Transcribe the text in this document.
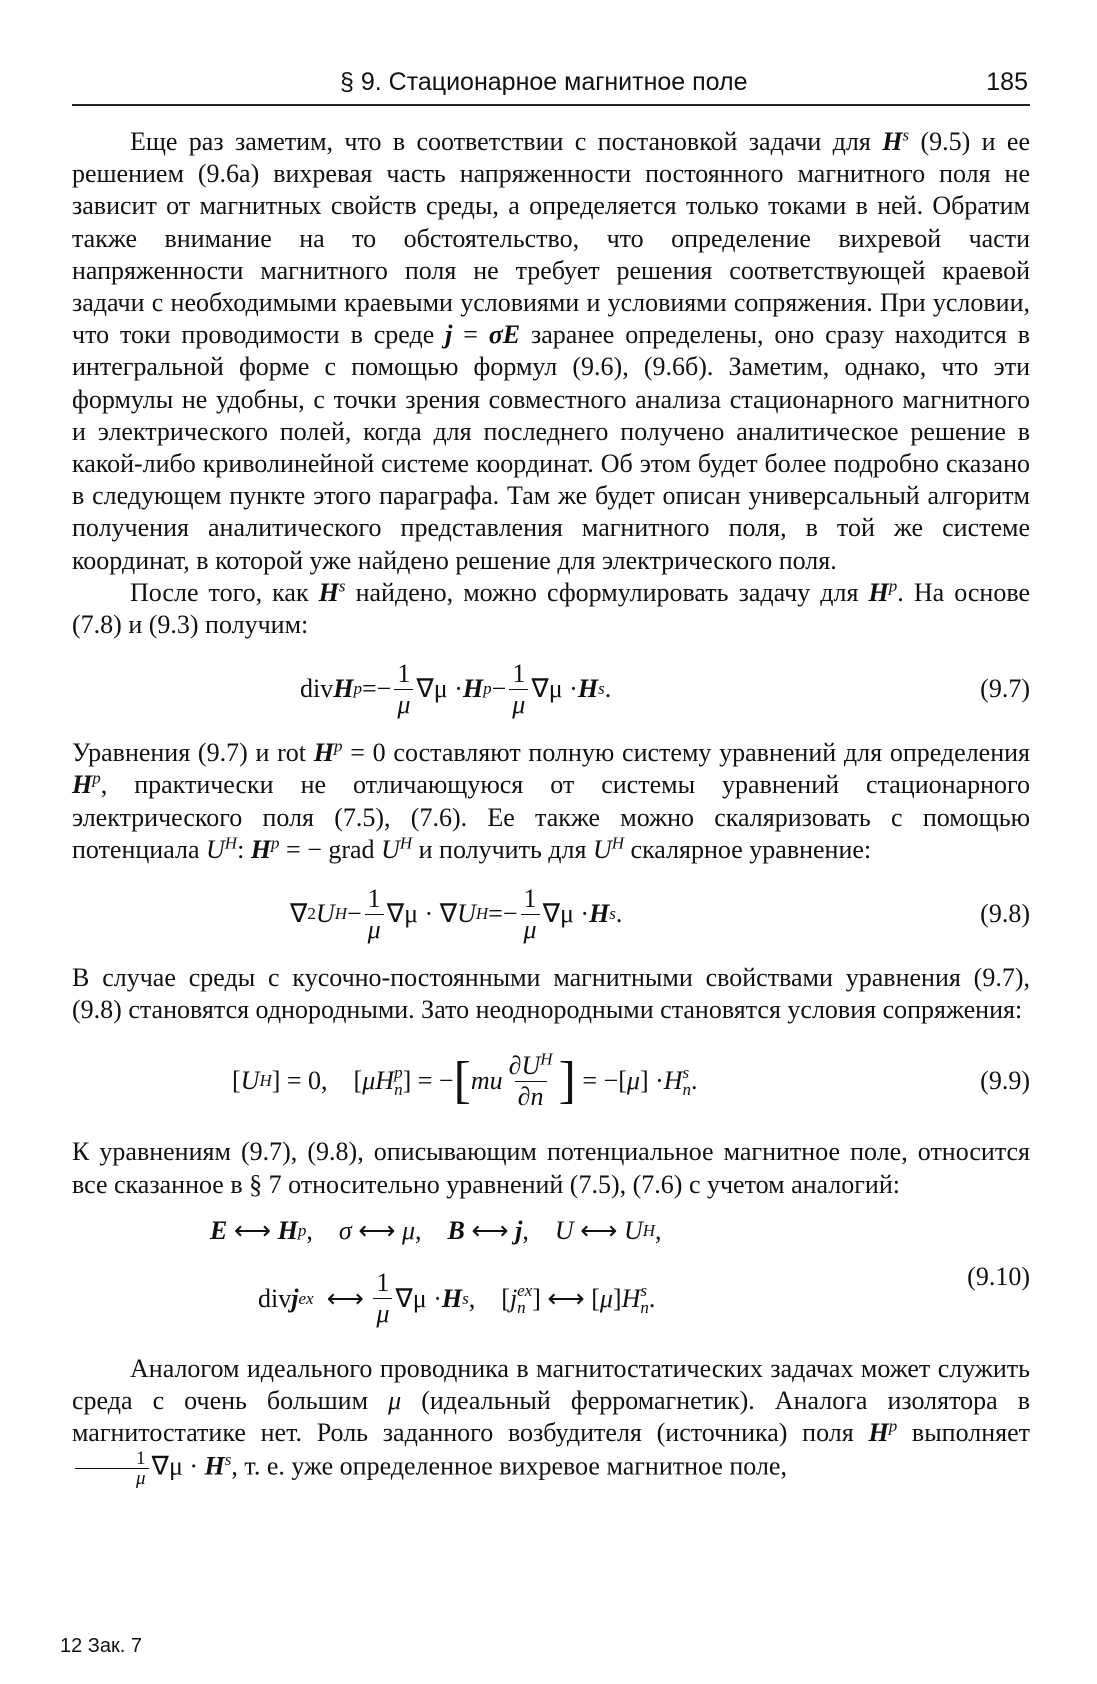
§ 9. Стационарное магнитное поле	185

Еще раз заметим, что в соответствии с постановкой задачи для $H^s$ (9.5) и ее решением (9.6а) вихревая часть напряженности постоянного магнитного поля не зависит от магнитных свойств среды, а определяется только токами в ней. Обратим также внимание на то обстоятельство, что определение вихревой части напряженности магнитного поля не требует решения соответствующей краевой задачи с необходимыми краевыми условиями и условиями сопряжения. При условии, что токи проводимости в среде j = σE заранее определены, оно сразу находится в интегральной форме с помощью формул (9.6), (9.6б). Заметим, однако, что эти формулы не удобны, с точки зрения совместного анализа стационарного магнитного и электрического полей, когда для последнего получено аналитическое решение в какой-либо криволинейной системе координат. Об этом будет более подробно сказано в следующем пункте этого параграфа. Там же будет описан универсальный алгоритм получения аналитического представления магнитного поля, в той же системе координат, в которой уже найдено решение для электрического поля.

После того, как $H^s$ найдено, можно сформулировать задачу для $H^p$. На основе (7.8) и (9.3) получим:

div H p = − $\frac{1}{\mu} \nabla\mu \cdot H$ $p - \frac{1}{\mu} \nabla\mu \cdot H$ s .	(9.7)

Уравнения (9.7) и rot $H^p = 0$ составляют полную систему уравнений для определения $H^p$, практически не отличающуюся от системы уравнений стационарного электрического поля (7.5), (7.6). Ее также можно скаляризовать с помощью потенциала $U^H$: $H^p$ = − grad $U^H$ и получить для $U^H$ скалярное уравнение:

∇ 2 U $H - \frac{1}{\mu} \nabla\mu$ · ∇ U H = − $\frac{1}{\mu} \nabla\mu \cdot H$ s .	(9.8)

В случае среды с кусочно-постоянными магнитными свойствами уравнения (9.7), (9.8) становятся однородными. Зато неоднородными становятся условия сопряжения:

[ U H ] = 0,    [ μ H p
n ] = − [ mu $\frac{\partial U^H}{\partial n}$ ] = −[ μ ] · H s
n .	(9.9)

К уравнениям (9.7), (9.8), описывающим потенциальное магнитное поле, относится все сказанное в § 7 относительно уравнений (7.5), (7.6) с учетом аналогий:

E ⟷ H p , σ ⟷ μ , B ⟷ j , U ⟷ U H ,
div j ex ⟷ $\frac{1}{\mu} \nabla\mu \cdot H$ s ,    [ j ex
n ] ⟷ [ μ ] H s
n .
(9.10)

Аналогом идеального проводника в магнитостатических задачах может служить среда с очень большим μ (идеальный ферромагнетик). Аналога изолятора в магнитостатике нет. Роль заданного возбудителя (источника) поля $H^p$ выполняет
$\frac{1}{\mu} \nabla\mu \cdot H^s$, т. е. уже определенное вихревое магнитное поле,

12 Зак. 7
